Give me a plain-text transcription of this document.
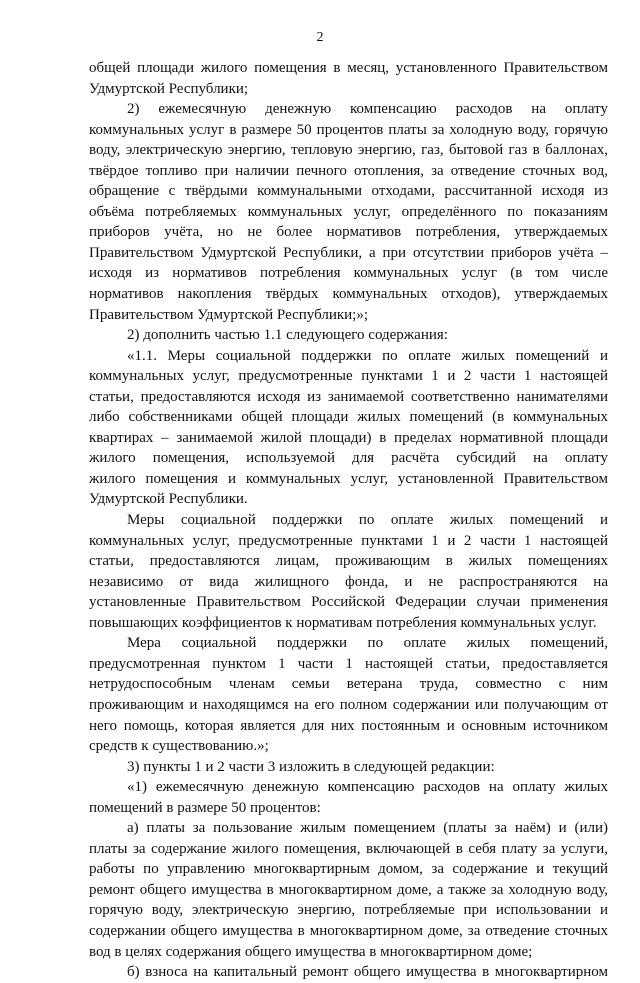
2
общей площади жилого помещения в месяц, установленного Правительством
Удмуртской Республики;
2) ежемесячную денежную компенсацию расходов на оплату
коммунальных услуг в размере 50 процентов платы за холодную воду, горячую
воду, электрическую энергию, тепловую энергию, газ, бытовой газ в баллонах,
твёрдое топливо при наличии печного отопления, за отведение сточных вод,
обращение с твёрдыми коммунальными отходами, рассчитанной исходя из
объёма потребляемых коммунальных услуг, определённого по показаниям
приборов учёта, но не более нормативов потребления, утверждаемых
Правительством Удмуртской Республики, а при отсутствии приборов учёта –
исходя из нормативов потребления коммунальных услуг (в том числе
нормативов накопления твёрдых коммунальных отходов), утверждаемых
Правительством Удмуртской Республики;»;
2) дополнить частью 1.1 следующего содержания:
«1.1. Меры социальной поддержки по оплате жилых помещений и
коммунальных услуг, предусмотренные пунктами 1 и 2 части 1 настоящей
статьи, предоставляются исходя из занимаемой соответственно нанимателями
либо собственниками общей площади жилых помещений (в коммунальных
квартирах – занимаемой жилой площади) в пределах нормативной площади
жилого помещения, используемой для расчёта субсидий на оплату
жилого помещения и коммунальных услуг, установленной Правительством
Удмуртской Республики.
Меры социальной поддержки по оплате жилых помещений и
коммунальных услуг, предусмотренные пунктами 1 и 2 части 1 настоящей
статьи, предоставляются лицам, проживающим в жилых помещениях
независимо от вида жилищного фонда, и не распространяются на
установленные Правительством Российской Федерации случаи применения
повышающих коэффициентов к нормативам потребления коммунальных услуг.
Мера социальной поддержки по оплате жилых помещений,
предусмотренная пунктом 1 части 1 настоящей статьи, предоставляется
нетрудоспособным членам семьи ветерана труда, совместно с ним
проживающим и находящимся на его полном содержании или получающим от
него помощь, которая является для них постоянным и основным источником
средств к существованию.»;
3) пункты 1 и 2 части 3 изложить в следующей редакции:
«1) ежемесячную денежную компенсацию расходов на оплату жилых
помещений в размере 50 процентов:
а) платы за пользование жилым помещением (платы за наём) и (или)
платы за содержание жилого помещения, включающей в себя плату за услуги,
работы по управлению многоквартирным домом, за содержание и текущий
ремонт общего имущества в многоквартирном доме, а также за холодную воду,
горячую воду, электрическую энергию, потребляемые при использовании и
содержании общего имущества в многоквартирном доме, за отведение сточных
вод в целях содержания общего имущества в многоквартирном доме;
б) взноса на капитальный ремонт общего имущества в многоквартирном
